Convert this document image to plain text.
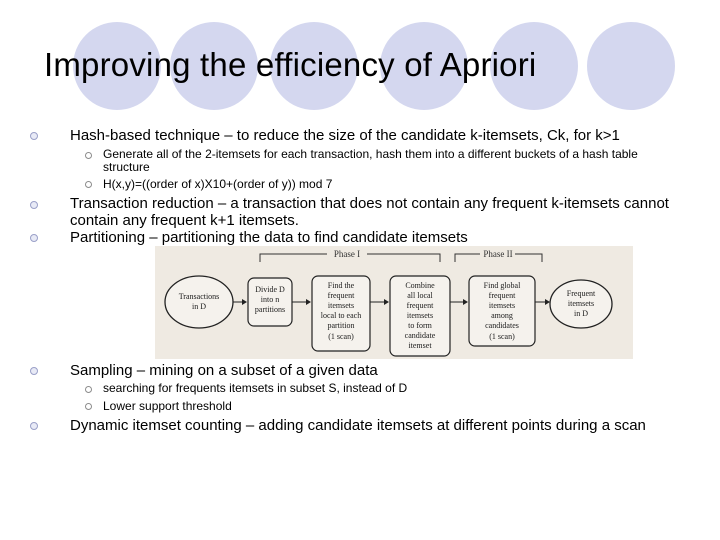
Improving the efficiency of Apriori
Hash-based technique – to reduce the size of the candidate k-itemsets, Ck, for k>1
Generate all of the 2-itemsets for each transaction, hash them into a different buckets of a hash table structure
H(x,y)=((order of x)X10+(order of y)) mod 7
Transaction reduction – a transaction that does not contain any frequent k-itemsets cannot contain any frequent k+1 itemsets.
Partitioning – partitioning the data to find candidate itemsets
Phase I	Phase II
Transactions
in D
Divide D
into n
partitions
Find the
frequent
itemsets
local to each
partition
(1 scan)
Combine
all local
frequent
itemsets
to form
candidate
itemset
Find global
frequent
itemsets
among
candidates
(1 scan)
Frequent
itemsets
in D
Sampling – mining on a subset of a given data
searching for frequents itemsets in subset S, instead of D
Lower support threshold
Dynamic itemset counting – adding candidate itemsets at different points during a scan
